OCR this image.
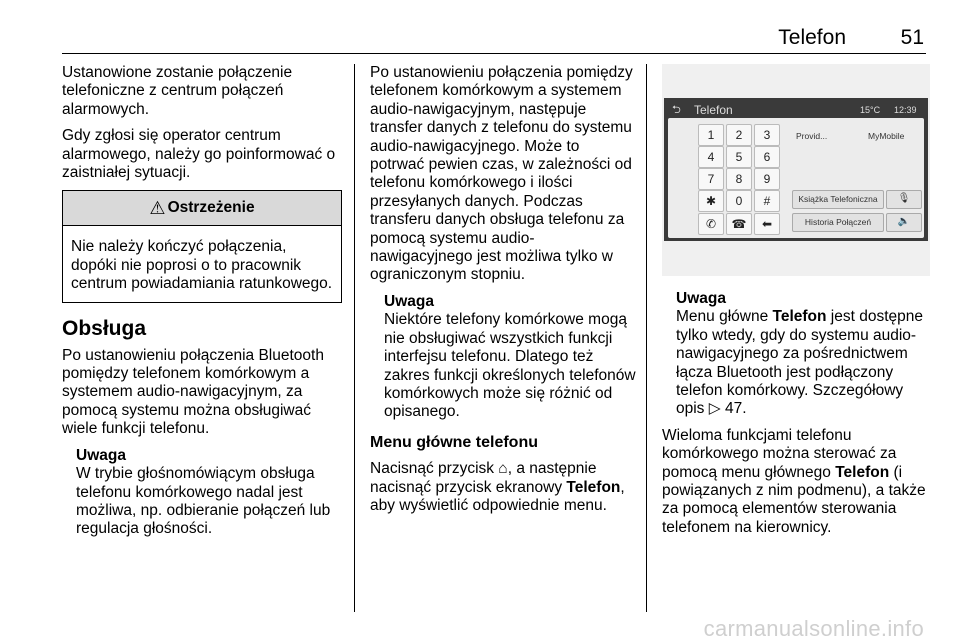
Telefon	51

Ustanowione zostanie połączenie telefoniczne z centrum połączeń alarmowych.

Gdy zgłosi się operator centrum alarmowego, należy go poinformować o zaistniałej sytuacji.

⚠ Ostrzeżenie
Nie należy kończyć połączenia, dopóki nie poprosi o to pracownik centrum powiadamiania ratunkowego.
Obsługa

Po ustanowieniu połączenia Bluetooth pomiędzy telefonem komórkowym a systemem audio-nawigacyjnym, za pomocą systemu można obsługiwać wiele funkcji telefonu.

Uwaga
W trybie głośnomówiącym obsługa telefonu komórkowego nadal jest możliwa, np. odbieranie połączeń lub regulacja głośności.

Po ustanowieniu połączenia pomiędzy telefonem komórkowym a systemem audio-nawigacyjnym, następuje transfer danych z telefonu do systemu audio-nawigacyjnego. Może to potrwać pewien czas, w zależności od telefonu komórkowego i ilości przesyłanych danych. Podczas transferu danych obsługa telefonu za pomocą systemu audio-nawigacyjnego jest możliwa tylko w ograniczonym stopniu.

Uwaga
Niektóre telefony komórkowe mogą nie obsługiwać wszystkich funkcji interfejsu telefonu. Dlatego też zakres funkcji określonych telefonów komórkowych może się różnić od opisanego.
Menu główne telefonu

Nacisnąć przycisk ⌂, a następnie nacisnąć przycisk ekranowy Telefon, aby wyświetlić odpowiednie menu.

⮌ Telefon	15°C 12:39
1	2	3
4	5	6
7	8	9
✱	0	#
✆	☎	⬅
Provid...	MyMobile
Książka Telefoniczna	🎙
Historia Połączeń	🔈
Uwaga
Menu główne Telefon jest dostępne tylko wtedy, gdy do systemu audio-nawigacyjnego za pośrednictwem łącza Bluetooth jest podłączony telefon komórkowy. Szczegółowy opis ▷ 47.

Wieloma funkcjami telefonu komórkowego można sterować za pomocą menu głównego Telefon (i powiązanych z nim podmenu), a także za pomocą elementów sterowania telefonem na kierownicy.

carmanualsonline.info
